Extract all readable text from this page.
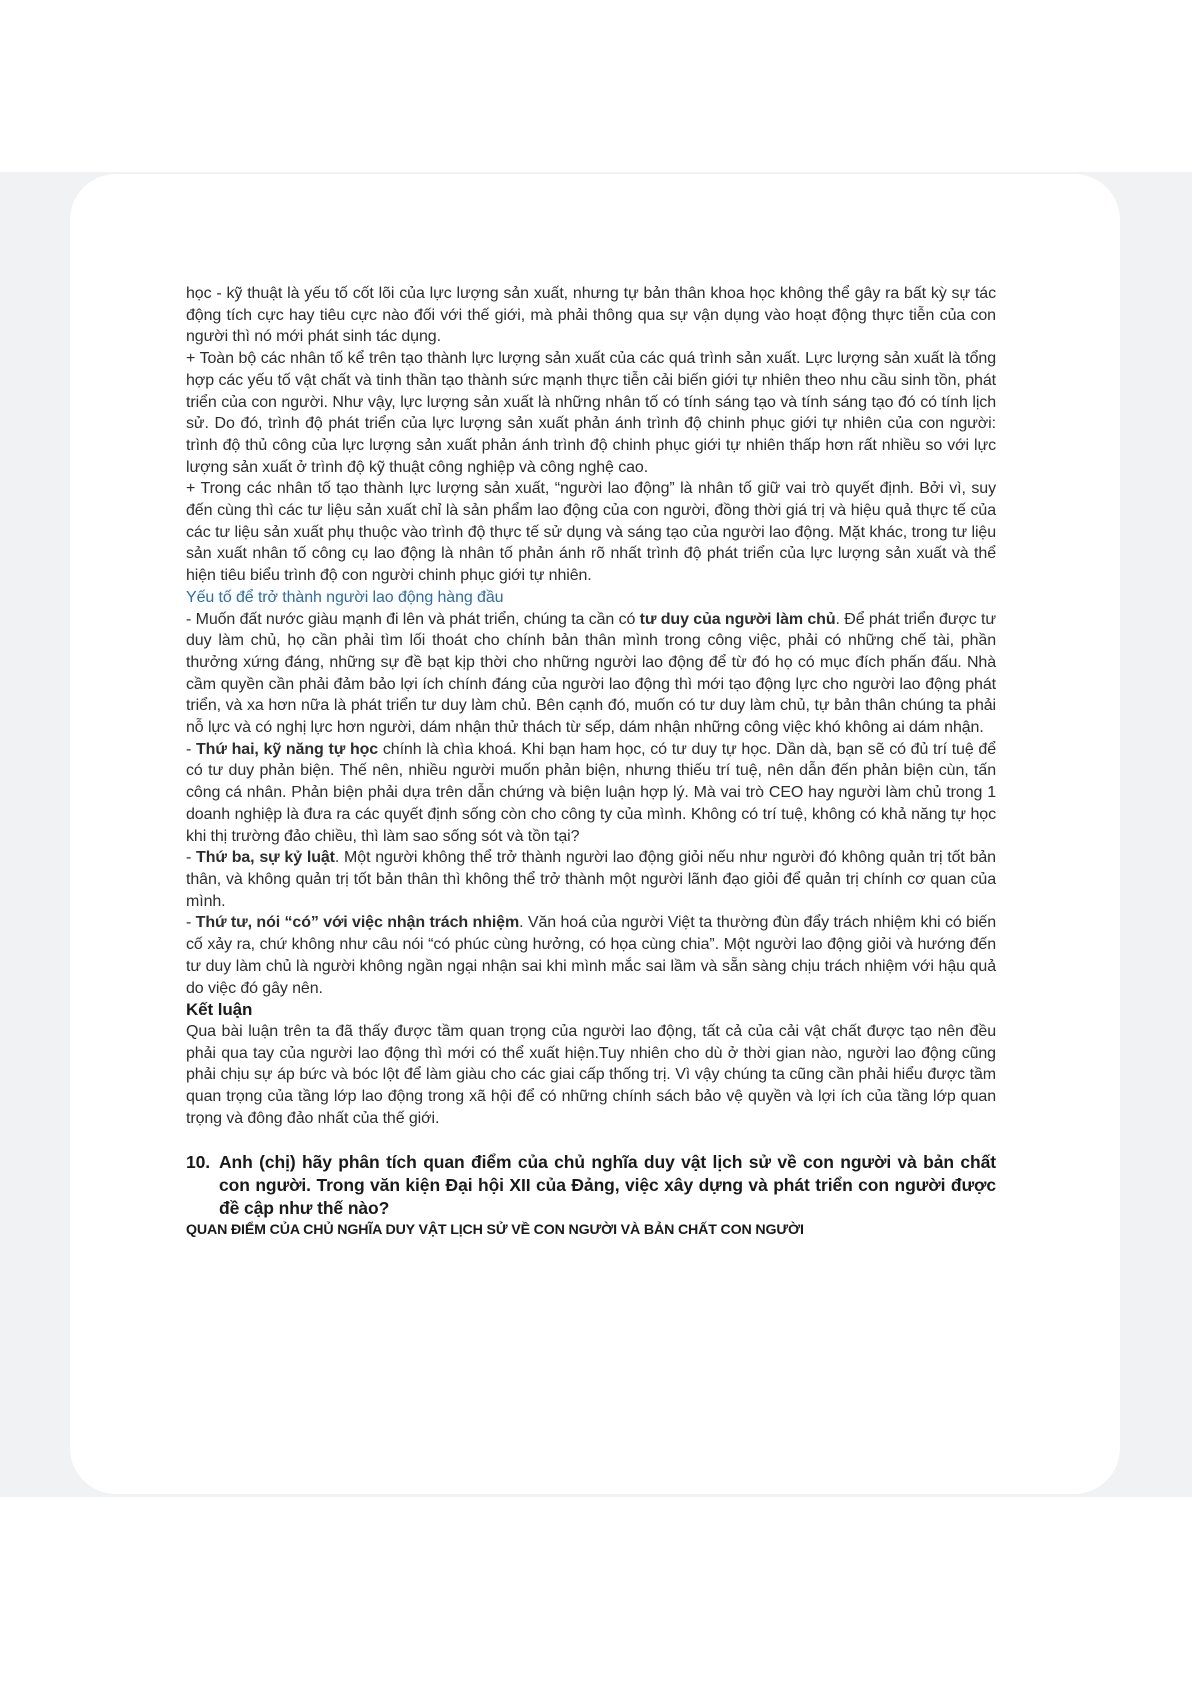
học - kỹ thuật là yếu tố cốt lõi của lực lượng sản xuất, nhưng tự bản thân khoa học không thể gây ra bất kỳ sự tác động tích cực hay tiêu cực nào đối với thế giới, mà phải thông qua sự vận dụng vào hoạt động thực tiễn của con người thì nó mới phát sinh tác dụng.

+ Toàn bộ các nhân tố kể trên tạo thành lực lượng sản xuất của các quá trình sản xuất. Lực lượng sản xuất là tổng hợp các yếu tố vật chất và tinh thần tạo thành sức mạnh thực tiễn cải biến giới tự nhiên theo nhu cầu sinh tồn, phát triển của con người. Như vậy, lực lượng sản xuất là những nhân tố có tính sáng tạo và tính sáng tạo đó có tính lịch sử. Do đó, trình độ phát triển của lực lượng sản xuất phản ánh trình độ chinh phục giới tự nhiên của con người: trình độ thủ công của lực lượng sản xuất phản ánh trình độ chinh phục giới tự nhiên thấp hơn rất nhiều so với lực lượng sản xuất ở trình độ kỹ thuật công nghiệp và công nghệ cao.

+ Trong các nhân tố tạo thành lực lượng sản xuất, “người lao động” là nhân tố giữ vai trò quyết định. Bởi vì, suy đến cùng thì các tư liệu sản xuất chỉ là sản phẩm lao động của con người, đồng thời giá trị và hiệu quả thực tế của các tư liệu sản xuất phụ thuộc vào trình độ thực tế sử dụng và sáng tạo của người lao động. Mặt khác, trong tư liệu sản xuất nhân tố công cụ lao động là nhân tố phản ánh rõ nhất trình độ phát triển của lực lượng sản xuất và thể hiện tiêu biểu trình độ con người chinh phục giới tự nhiên.

Yếu tố để trở thành người lao động hàng đầu

- Muốn đất nước giàu mạnh đi lên và phát triển, chúng ta cần có tư duy của người làm chủ. Để phát triển được tư duy làm chủ, họ cần phải tìm lối thoát cho chính bản thân mình trong công việc, phải có những chế tài, phần thưởng xứng đáng, những sự đề bạt kịp thời cho những người lao động để từ đó họ có mục đích phấn đấu. Nhà cầm quyền cần phải đảm bảo lợi ích chính đáng của người lao động thì mới tạo động lực cho người lao động phát triển, và xa hơn nữa là phát triển tư duy làm chủ. Bên cạnh đó, muốn có tư duy làm chủ, tự bản thân chúng ta phải nỗ lực và có nghị lực hơn người, dám nhận thử thách từ sếp, dám nhận những công việc khó không ai dám nhận.

- Thứ hai, kỹ năng tự học chính là chìa khoá. Khi bạn ham học, có tư duy tự học. Dần dà, bạn sẽ có đủ trí tuệ để có tư duy phản biện. Thế nên, nhiều người muốn phản biện, nhưng thiếu trí tuệ, nên dẫn đến phản biện cùn, tấn công cá nhân. Phản biện phải dựa trên dẫn chứng và biện luận hợp lý. Mà vai trò CEO hay người làm chủ trong 1 doanh nghiệp là đưa ra các quyết định sống còn cho công ty của mình. Không có trí tuệ, không có khả năng tự học khi thị trường đảo chiều, thì làm sao sống sót và tồn tại?

- Thứ ba, sự kỷ luật. Một người không thể trở thành người lao động giỏi nếu như người đó không quản trị tốt bản thân, và không quản trị tốt bản thân thì không thể trở thành một người lãnh đạo giỏi để quản trị chính cơ quan của mình.

- Thứ tư, nói “có” với việc nhận trách nhiệm. Văn hoá của người Việt ta thường đùn đẩy trách nhiệm khi có biến cố xảy ra, chứ không như câu nói “có phúc cùng hưởng, có họa cùng chia”. Một người lao động giỏi và hướng đến tư duy làm chủ là người không ngần ngại nhận sai khi mình mắc sai lầm và sẵn sàng chịu trách nhiệm với hậu quả do việc đó gây nên.

Kết luận

Qua bài luận trên ta đã thấy được tầm quan trọng của người lao động, tất cả của cải vật chất được tạo nên đều phải qua tay của người lao động thì mới có thể xuất hiện.Tuy nhiên cho dù ở thời gian nào, người lao động cũng phải chịu sự áp bức và bóc lột để làm giàu cho các giai cấp thống trị. Vì vậy chúng ta cũng cần phải hiểu được tầm quan trọng của tầng lớp lao động trong xã hội để có những chính sách bảo vệ quyền và lợi ích của tầng lớp quan trọng và đông đảo nhất của thế giới.

10. Anh (chị) hãy phân tích quan điểm của chủ nghĩa duy vật lịch sử về con người và bản chất con người. Trong văn kiện Đại hội XII của Đảng, việc xây dựng và phát triển con người được đề cập như thế nào?

QUAN ĐIỂM CỦA CHỦ NGHĨA DUY VẬT LỊCH SỬ VỀ CON NGƯỜI VÀ BẢN CHẤT CON NGƯỜI
